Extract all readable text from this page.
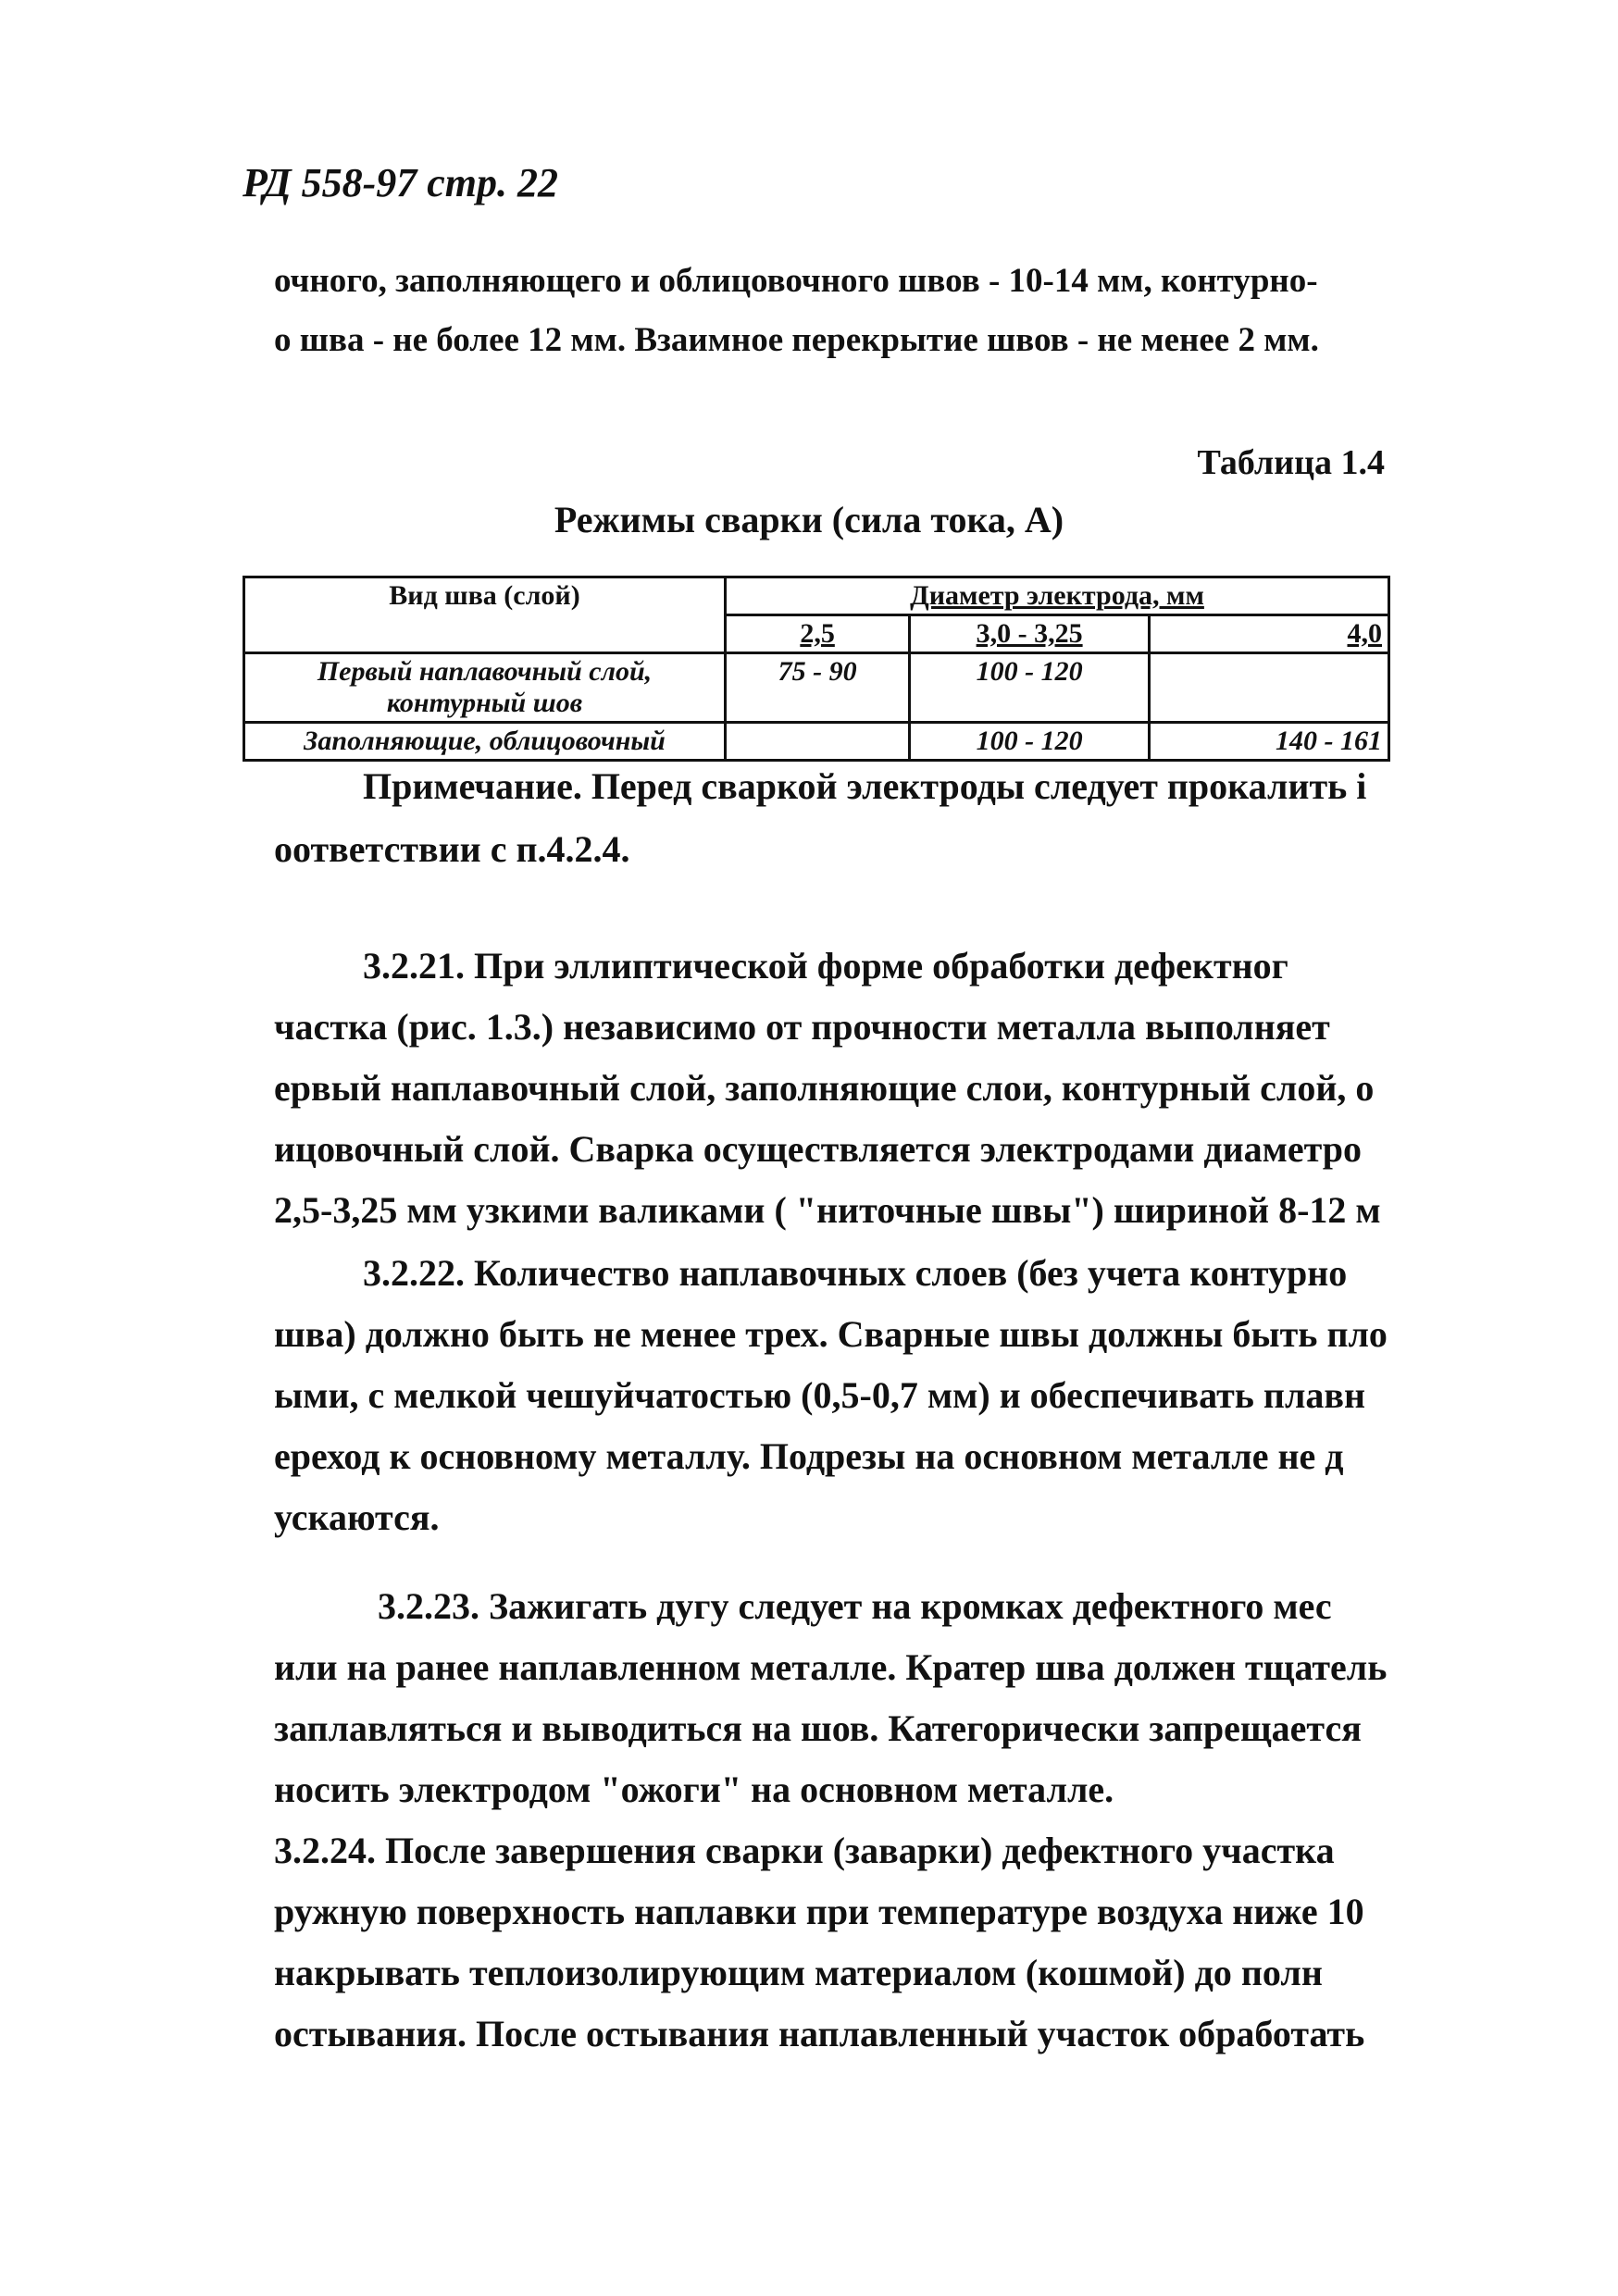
РД 558-97 стр. 22
очного, заполняющего и облицовочного швов - 10-14 мм, контурно-
о шва - не более 12 мм. Взаимное перекрытие швов - не менее 2 мм.
Таблица 1.4
Режимы сварки (сила тока, А)
Вид шва (слой)	Диаметр электрода, мм		
	2,5	3,0 - 3,25	4,0
Первый наплавочный слой, контурный шов	75 - 90	100 - 120	
Заполняющие, облицовочный		100 - 120	140 - 161
Примечание. Перед сваркой электроды следует прокалить i
оответствии с п.4.2.4.
3.2.21. При эллиптической форме обработки дефектног
частка (рис. 1.3.) независимо от прочности металла выполняет
ервый наплавочный слой, заполняющие слои, контурный слой, о
ицовочный слой. Сварка осуществляется электродами диаметро
2,5-3,25 мм узкими валиками ( "ниточные швы") шириной 8-12 м
3.2.22. Количество наплавочных слоев (без учета контурно
шва) должно быть не менее трех. Сварные швы должны быть пло
ыми, с мелкой чешуйчатостью (0,5-0,7 мм) и обеспечивать плавн
ереход к основному металлу. Подрезы на основном металле не д
ускаются.
3.2.23. Зажигать дугу следует на кромках дефектного мес
или на ранее наплавленном металле. Кратер шва должен тщатель
заплавляться и выводиться на шов. Категорически запрещается
носить электродом "ожоги" на основном металле.
3.2.24. После завершения сварки (заварки) дефектного участка
ружную поверхность наплавки при температуре воздуха ниже 10
накрывать теплоизолирующим материалом (кошмой) до полн
остывания. После остывания наплавленный участок обработать
